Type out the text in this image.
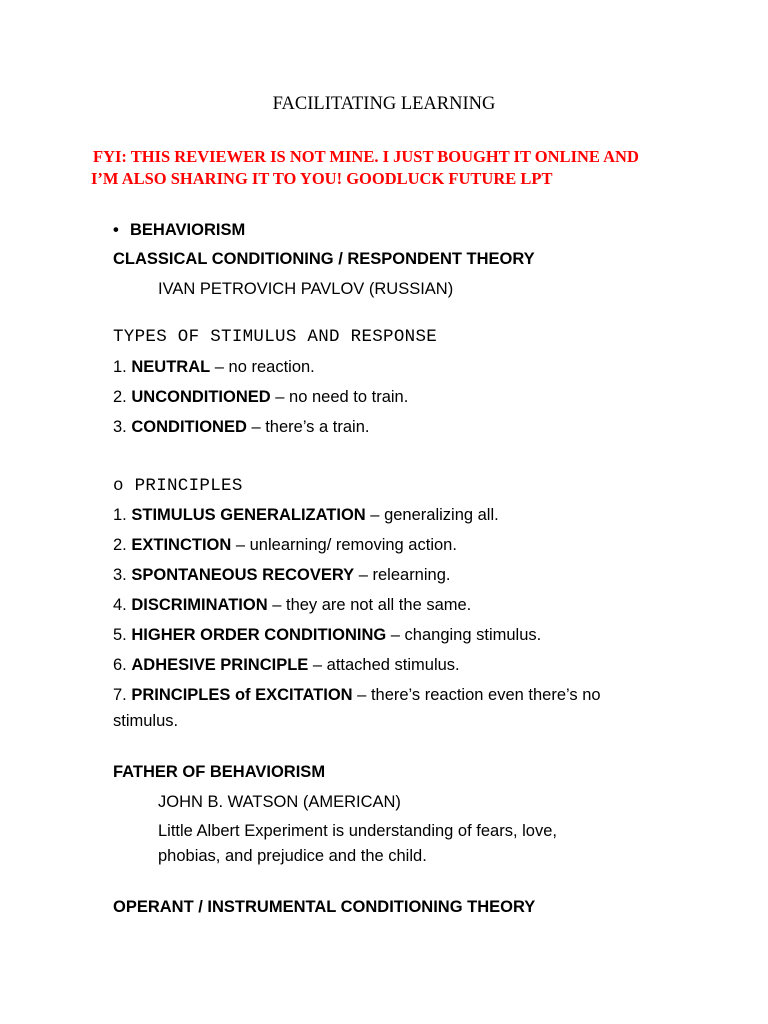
FACILITATING LEARNING
FYI: THIS REVIEWER IS NOT MINE. I JUST BOUGHT IT ONLINE AND
I’M ALSO SHARING IT TO YOU! GOODLUCK FUTURE LPT
• BEHAVIORISM
CLASSICAL CONDITIONING / RESPONDENT THEORY
IVAN PETROVICH PAVLOV (RUSSIAN)
TYPES OF STIMULUS AND RESPONSE
1. NEUTRAL – no reaction.
2. UNCONDITIONED – no need to train.
3. CONDITIONED – there’s a train.
o PRINCIPLES
1. STIMULUS GENERALIZATION – generalizing all.
2. EXTINCTION – unlearning/ removing action.
3. SPONTANEOUS RECOVERY – relearning.
4. DISCRIMINATION – they are not all the same.
5. HIGHER ORDER CONDITIONING – changing stimulus.
6. ADHESIVE PRINCIPLE – attached stimulus.
7. PRINCIPLES of EXCITATION – there’s reaction even there’s no
stimulus.
FATHER OF BEHAVIORISM
JOHN B. WATSON (AMERICAN)
Little Albert Experiment is understanding of fears, love,
phobias, and prejudice and the child.
OPERANT / INSTRUMENTAL CONDITIONING THEORY
